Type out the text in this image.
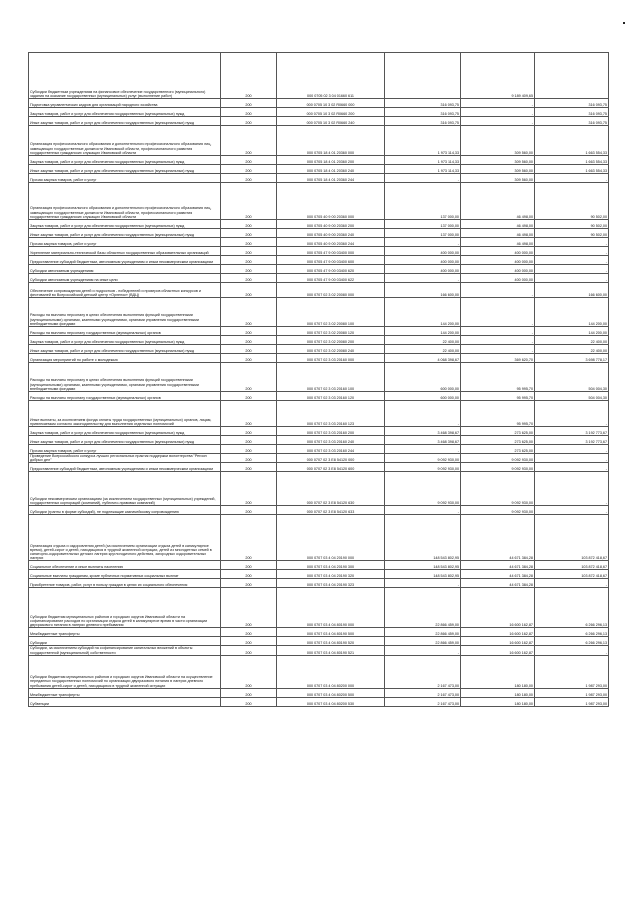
Субсидии бюджетным учреждениям на финансовое обеспечение государственного (муниципального) задания на оказание государственных (муниципальных) услуг (выполнение работ)	200	000 0705 02 3 04 01660 611		9 189 409,65	
Подготовка управленческих кадров для организаций народного хозяйства	200	000 0705 10 3 02 R0660 000	316 093,75	-	316 093,75
Закупка товаров, работ и услуг для обеспечения государственных (муниципальных) нужд	200	000 0705 10 3 02 R0660 200	316 093,75	-	316 093,75
Иные закупки товаров, работ и услуг для обеспечения государственных (муниципальных) нужд	200	000 0705 10 3 02 R0660 240	316 093,75	-	316 093,75
Организация профессионального образования и дополнительного профессионального образования лиц, замещающих государственные должности Ивановской области, профессионального развития государственных гражданских служащих Ивановской области	200	000 0705 18 4 01 20360 000	1 973 114,33	309 560,00	1 663 554,33
Закупка товаров, работ и услуг для обеспечения государственных (муниципальных) нужд	200	000 0705 18 4 01 20360 200	1 973 114,33	309 560,00	1 663 554,33
Иные закупки товаров, работ и услуг для обеспечения государственных (муниципальных) нужд	200	000 0705 18 4 01 20360 240	1 973 114,33	309 560,00	1 663 554,33
Прочая закупка товаров, работ и услуг	200	000 0705 18 4 01 20360 244	-	309 560,00	-
Организация профессионального образования и дополнительного профессионального образования лиц, замещающих государственные должности Ивановской области, профессионального развития государственных гражданских служащих Ивановской области	200	000 0705 40 9 00 20360 000	137 000,00	46 498,00	90 502,00
Закупка товаров, работ и услуг для обеспечения государственных (муниципальных) нужд	200	000 0705 40 9 00 20360 200	137 000,00	46 498,00	90 502,00
Иные закупки товаров, работ и услуг для обеспечения государственных (муниципальных) нужд	200	000 0705 40 9 00 20360 240	137 000,00	46 498,00	90 502,00
Прочая закупка товаров, работ и услуг	200	000 0705 40 9 00 20360 244	-	46 498,00	-
Укрепление материально-технической базы областных государственных образовательных организаций	200	000 0705 47 9 00 03400 000	400 000,00	400 000,00	-
Предоставление субсидий бюджетным, автономным учреждениям и иным некоммерческим организациям	200	000 0705 47 9 00 03400 600	400 000,00	400 000,00	-
Субсидии автономным учреждениям	200	000 0705 47 9 00 03400 620	400 000,00	400 000,00	-
Субсидии автономным учреждениям на иные цели	200	000 0705 47 9 00 03400 622	-	400 000,00	-
Обеспечение сопровождения детей и подростков - победителей и призеров областных конкурсов и фестивалей во Всероссийский детский центр «Орленок» (ВДЦ)	200	000 0707 02 3 02 20080 000	166 600,00	-	166 600,00
Расходы на выплаты персоналу в целях обеспечения выполнения функций государственными (муниципальными) органами, казенными учреждениями, органами управления государственными внебюджетными фондами	200	000 0707 02 3 02 20080 100	144 200,00	-	144 200,00
Расходы на выплаты персоналу государственных (муниципальных) органов	200	000 0707 02 3 02 20080 120	144 200,00	-	144 200,00
Закупка товаров, работ и услуг для обеспечения государственных (муниципальных) нужд	200	000 0707 02 3 02 20080 200	22 400,00	-	22 400,00
Иные закупки товаров, работ и услуг для обеспечения государственных (муниципальных) нужд	200	000 0707 02 3 02 20080 240	22 400,00	-	22 400,00
Организация мероприятий по работе с молодежью	200	000 0707 02 3 03 20160 000	4 068 398,67	369 620,70	3 698 778,17
Расходы на выплаты персоналу в целях обеспечения выполнения функций государственными (муниципальными) органами, казенными учреждениями, органами управления государственными внебюджетными фондами	200	000 0707 02 3 03 20160 100	600 000,00	95 995,70	504 004,30
Расходы на выплаты персоналу государственных (муниципальных) органов	200	000 0707 02 3 03 20160 120	600 000,00	95 995,70	504 004,30
Иные выплаты, за исключением фонда оплаты труда государственных (муниципальных) органов, лицам, привлекаемым согласно законодательству для выполнения отдельных полномочий	200	000 0707 02 3 03 20160 123	-	95 995,70	-
Закупка товаров, работ и услуг для обеспечения государственных (муниципальных) нужд	200	000 0707 02 3 03 20160 200	3 468 398,67	273 625,00	3 192 773,67
Иные закупки товаров, работ и услуг для обеспечения государственных (муниципальных) нужд	200	000 0707 02 3 03 20160 240	3 468 398,67	273 625,00	3 192 773,67
Прочая закупка товаров, работ и услуг	200	000 0707 02 3 03 20160 244	-	273 625,00	-
Проведение Всероссийского конкурса лучших региональных практик поддержки волонтерства "Регион добрых дел"	200	000 0707 02 3 E8 54120 000	9 092 930,00	9 092 930,00	-
Предоставление субсидий бюджетным, автономным учреждениям и иным некоммерческим организациям	200	000 0707 02 3 E8 54120 600	9 092 930,00	9 092 930,00	-
Субсидии некоммерческим организациям (за исключением государственных (муниципальных) учреждений, государственных корпораций (компаний), публично-правовых компаний)	200	000 0707 02 3 E8 54120 630	9 092 930,00	9 092 930,00	-
Субсидии (гранты в форме субсидий), не подлежащие казначейскому сопровождению	200	000 0707 02 3 E8 54120 633	-	9 092 930,00	-
Организация отдыха и оздоровления детей (за исключением организации отдыха детей в каникулярное время), детей-сирот и детей, находящихся в трудной жизненной ситуации, детей из многодетных семей в санаторно-оздоровительных детских лагерях круглогодичного действия, загородных оздоровительных лагерях	200	000 0707 03 4 04 20190 000	148 543 802,95	44 671 384,28	103 872 418,67
Социальное обеспечение и иные выплаты населению	200	000 0707 03 4 04 20190 300	148 543 802,95	44 671 384,28	103 872 418,67
Социальные выплаты гражданам, кроме публичных нормативных социальных выплат	200	000 0707 03 4 04 20190 320	148 543 802,95	44 671 384,28	103 872 418,67
Приобретение товаров, работ, услуг в пользу граждан в целях их социального обеспечения	200	000 0707 03 4 04 20190 323	-	44 671 384,28	-
Субсидии бюджетам муниципальных районов и городских округов Ивановской области на софинансирование расходов по организации отдыха детей в каникулярное время в части организации двухразового питания в лагерях дневного пребывания	200	000 0707 03 4 04 80190 000	22 866 459,00	16 600 162,87	6 266 296,13
Межбюджетные трансферты	200	000 0707 03 4 04 80190 500	22 866 459,00	16 600 162,87	6 266 296,13
Субсидии	200	000 0707 03 4 04 80190 520	22 866 459,00	16 600 162,87	6 266 296,13
Субсидии, за исключением субсидий на софинансирование капитальных вложений в объекты государственной (муниципальной) собственности	200	000 0707 03 4 04 80190 521	-	16 600 162,87	-
Субсидии бюджетам муниципальных районов и городских округов Ивановской области на осуществление переданных государственных полномочий по организации двухразового питания в лагерях дневного пребывания детей-сирот и детей, находящихся в трудной жизненной ситуации	200	000 0707 03 4 04 80200 000	2 167 473,00	180 180,00	1 987 293,00
Межбюджетные трансферты	200	000 0707 03 4 04 80200 500	2 167 473,00	180 180,00	1 987 293,00
Субвенции	200	000 0707 03 4 04 80200 530	2 167 473,00	180 180,00	1 987 293,00
